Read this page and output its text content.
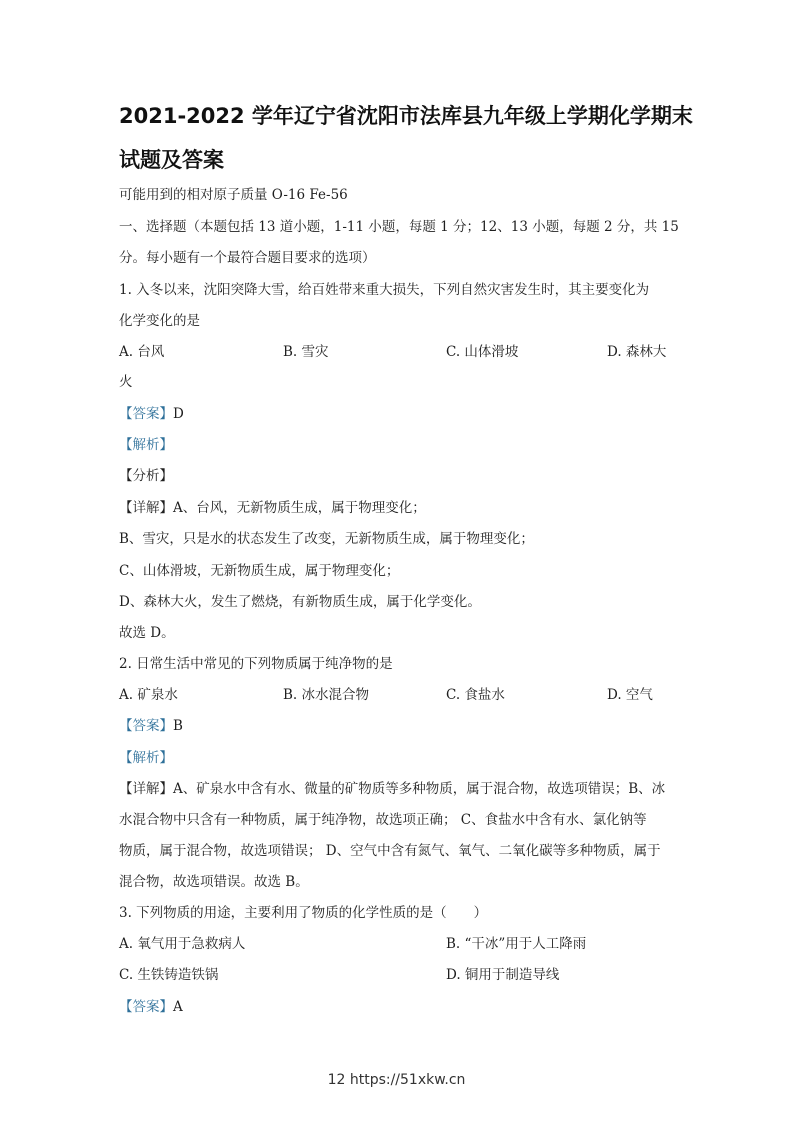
2021-2022 学年辽宁省沈阳市法库县九年级上学期化学期末
试题及答案
可能用到的相对原子质量 O-16 Fe-56
一、选择题（本题包括 13 道小题，1-11 小题，每题 1 分；12、13 小题，每题 2 分，共 15
分。每小题有一个最符合题目要求的选项）
1. 入冬以来，沈阳突降大雪，给百姓带来重大损失，下列自然灾害发生时，其主要变化为
化学变化的是
A. 台风	B. 雪灾	C. 山体滑坡	D. 森林大
火
【答案】D
【解析】
【分析】
【详解】A、台风，无新物质生成，属于物理变化；
B、雪灾，只是水的状态发生了改变，无新物质生成，属于物理变化；
C、山体滑坡，无新物质生成，属于物理变化；
D、森林大火，发生了燃烧，有新物质生成，属于化学变化。
故选 D。
2. 日常生活中常见的下列物质属于纯净物的是
A. 矿泉水	B. 冰水混合物	C. 食盐水	D. 空气
【答案】B
【解析】
【详解】A、矿泉水中含有水、微量的矿物质等多种物质，属于混合物，故选项错误；B、冰
水混合物中只含有一种物质，属于纯净物，故选项正确； C、食盐水中含有水、氯化钠等
物质，属于混合物，故选项错误； D、空气中含有氮气、氧气、二氧化碳等多种物质，属于
混合物，故选项错误。故选 B。
3. 下列物质的用途，主要利用了物质的化学性质的是（　　）
A. 氧气用于急救病人	B. “干冰”用于人工降雨
C. 生铁铸造铁锅	D. 铜用于制造导线
【答案】A
12 https://51xkw.cn
